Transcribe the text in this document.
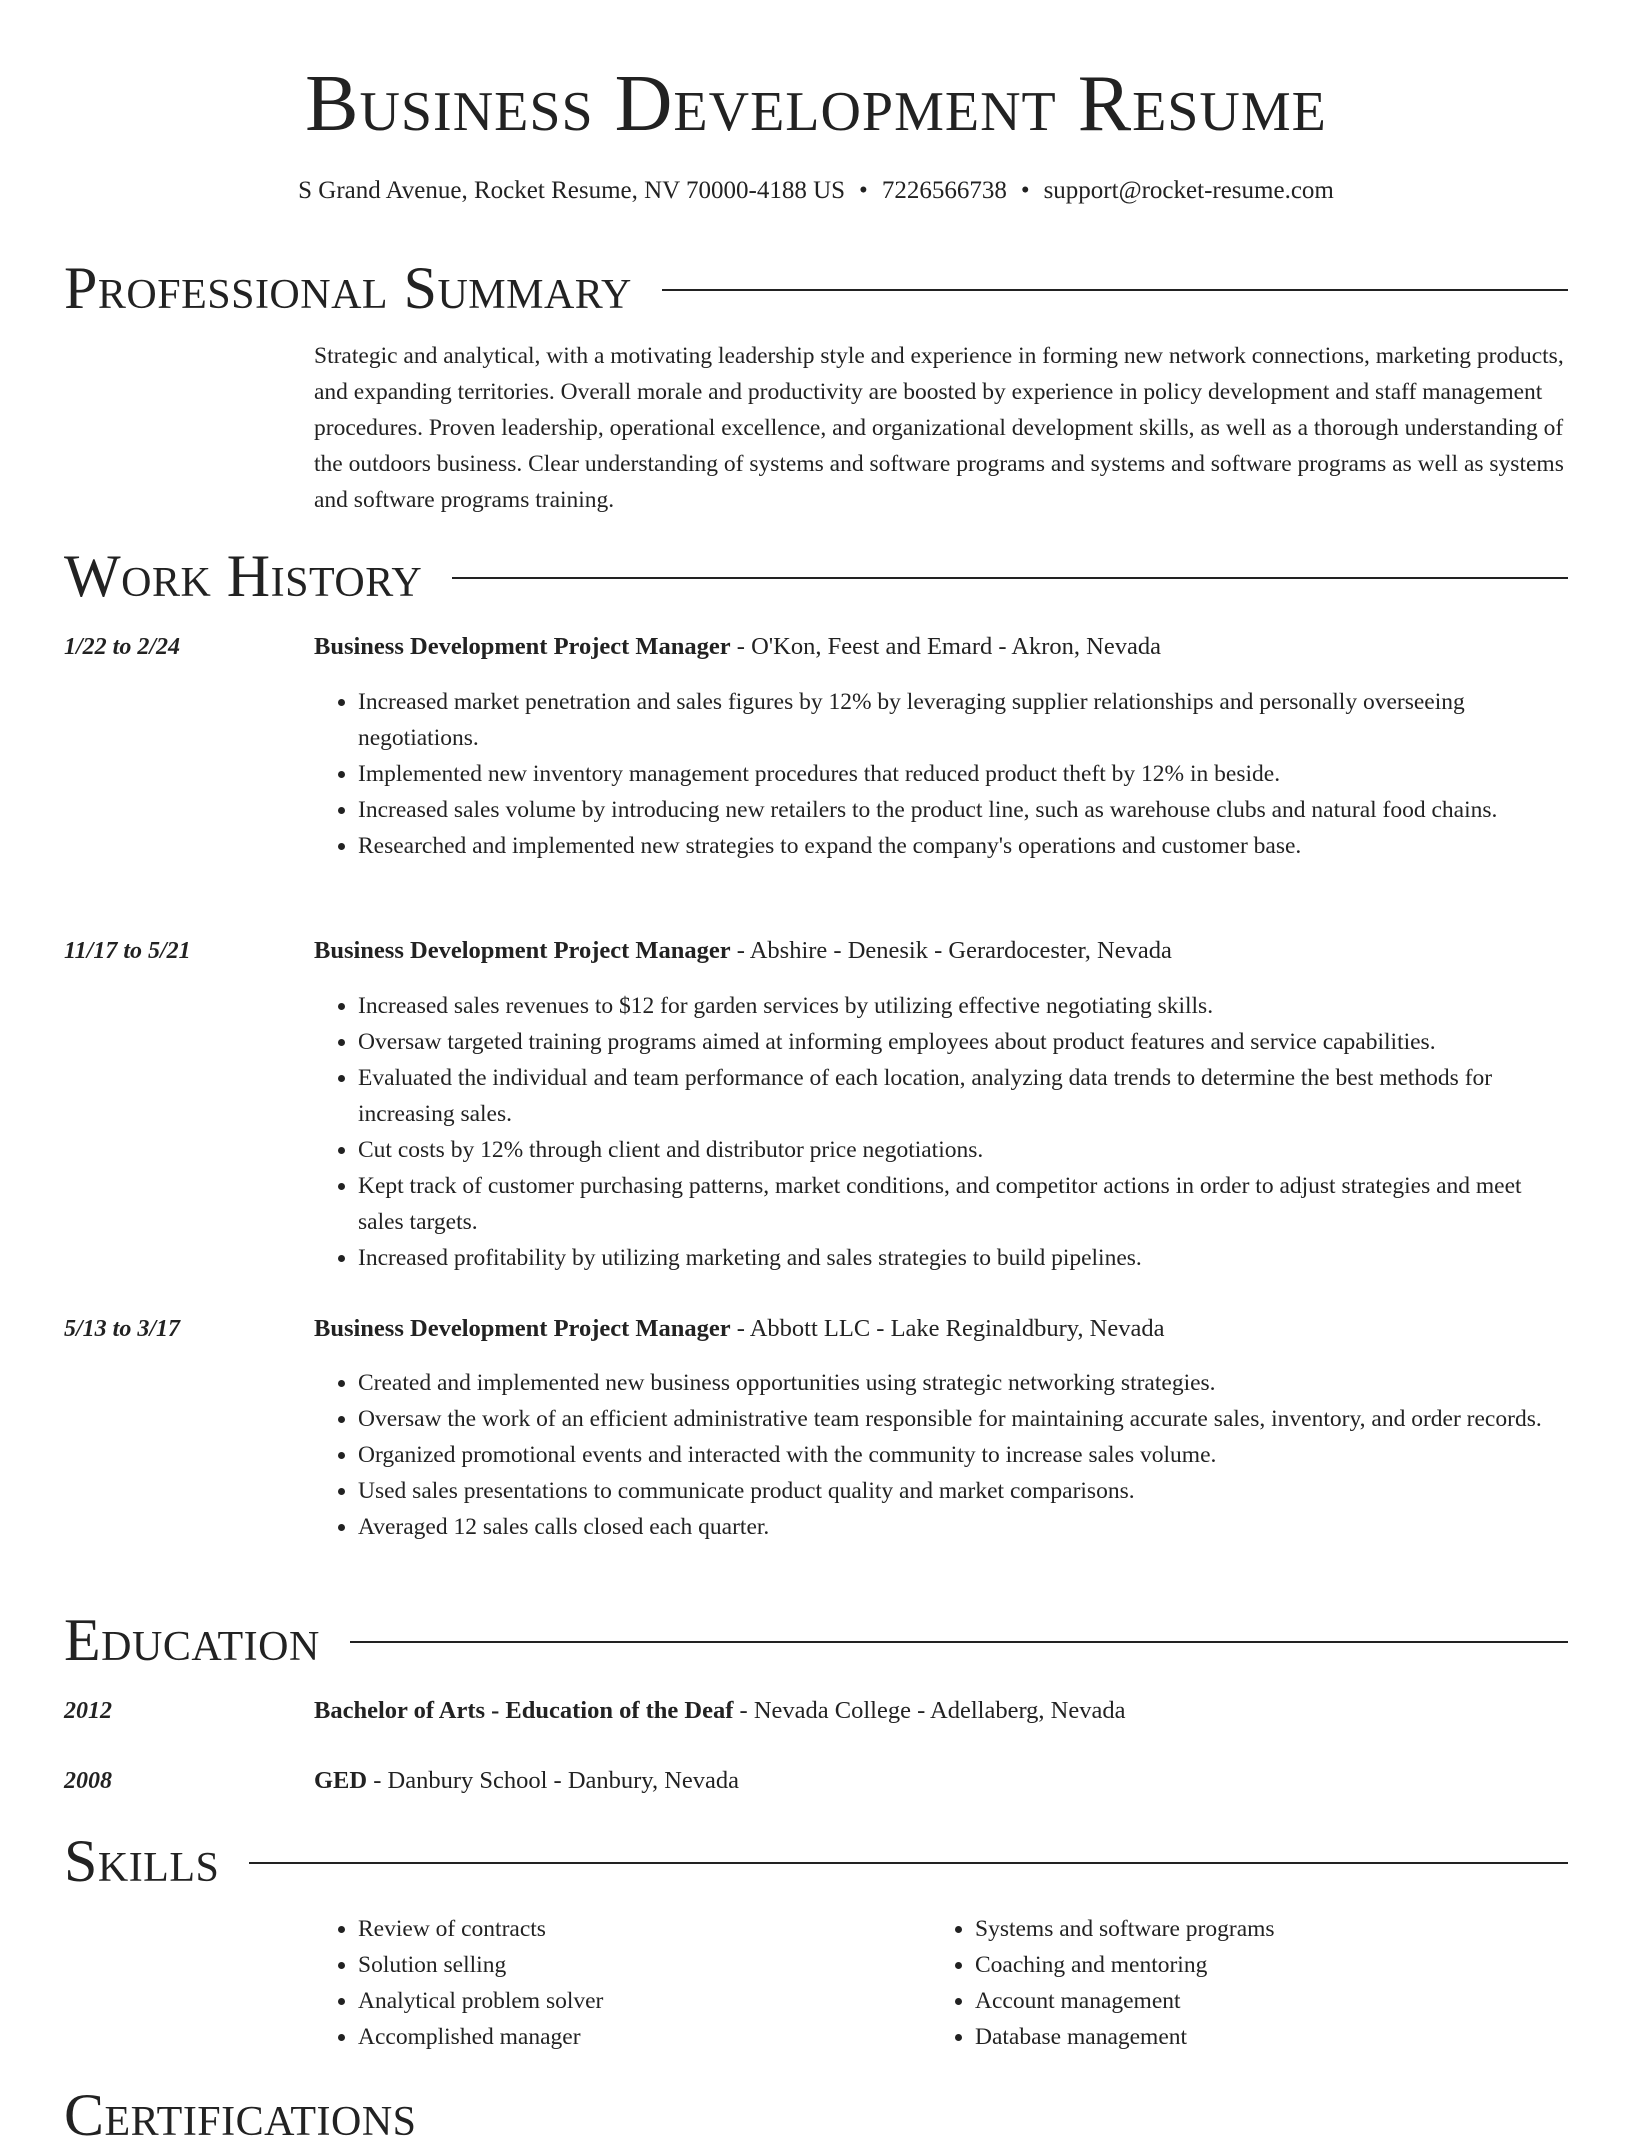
Business Development Resume
S Grand Avenue, Rocket Resume, NV 70000-4188 US • 7226566738 • support@rocket-resume.com
Professional Summary
Strategic and analytical, with a motivating leadership style and experience in forming new network connections, marketing products, and expanding territories. Overall morale and productivity are boosted by experience in policy development and staff management procedures. Proven leadership, operational excellence, and organizational development skills, as well as a thorough understanding of the outdoors business. Clear understanding of systems and software programs and systems and software programs as well as systems and software programs training.
Work History
1/22 to 2/24	Business Development Project Manager - O'Kon, Feest and Emard - Akron, Nevada
• Increased market penetration and sales figures by 12% by leveraging supplier relationships and personally overseeing negotiations.
• Implemented new inventory management procedures that reduced product theft by 12% in beside.
• Increased sales volume by introducing new retailers to the product line, such as warehouse clubs and natural food chains.
• Researched and implemented new strategies to expand the company's operations and customer base.
11/17 to 5/21	Business Development Project Manager - Abshire - Denesik - Gerardocester, Nevada
• Increased sales revenues to $12 for garden services by utilizing effective negotiating skills.
• Oversaw targeted training programs aimed at informing employees about product features and service capabilities.
• Evaluated the individual and team performance of each location, analyzing data trends to determine the best methods for increasing sales.
• Cut costs by 12% through client and distributor price negotiations.
• Kept track of customer purchasing patterns, market conditions, and competitor actions in order to adjust strategies and meet sales targets.
• Increased profitability by utilizing marketing and sales strategies to build pipelines.
5/13 to 3/17	Business Development Project Manager - Abbott LLC - Lake Reginaldbury, Nevada
• Created and implemented new business opportunities using strategic networking strategies.
• Oversaw the work of an efficient administrative team responsible for maintaining accurate sales, inventory, and order records.
• Organized promotional events and interacted with the community to increase sales volume.
• Used sales presentations to communicate product quality and market comparisons.
• Averaged 12 sales calls closed each quarter.
Education
2012	Bachelor of Arts - Education of the Deaf - Nevada College - Adellaberg, Nevada
2008	GED - Danbury School - Danbury, Nevada
Skills
• Review of contracts
• Solution selling
• Analytical problem solver
• Accomplished manager
• Systems and software programs
• Coaching and mentoring
• Account management
• Database management
Certifications
